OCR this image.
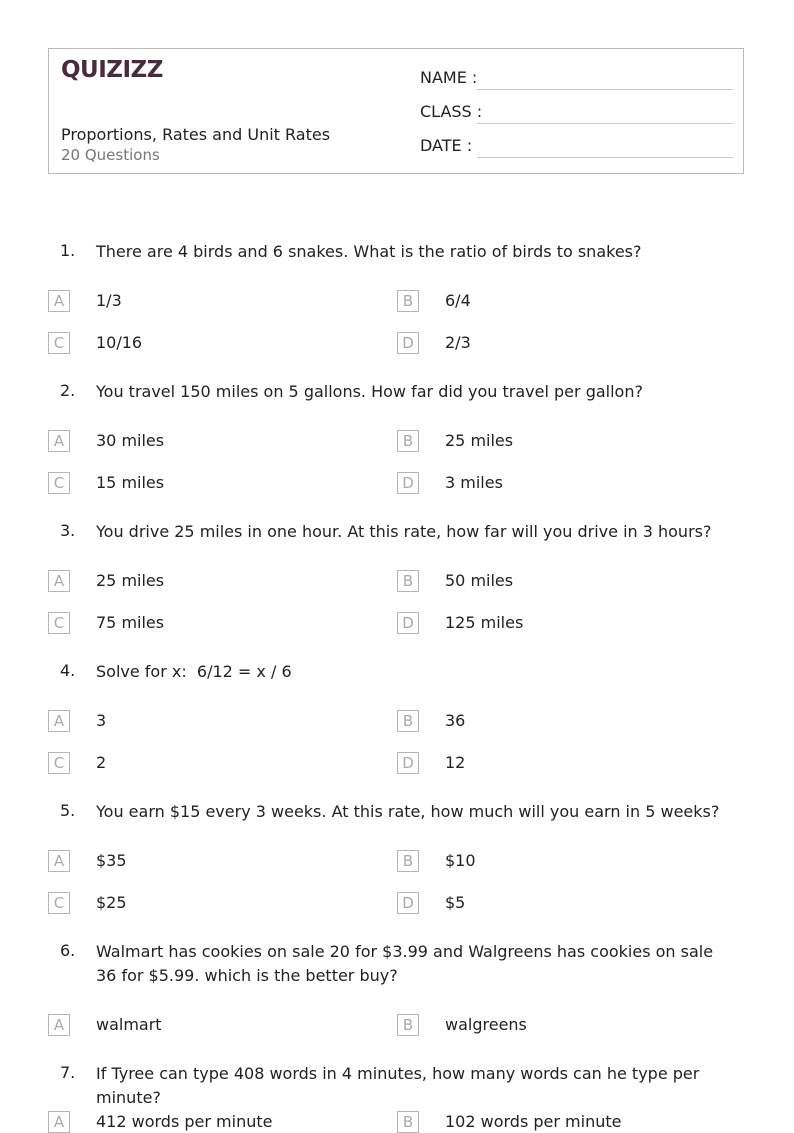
QUIZIZZ
Proportions, Rates and Unit Rates
20 Questions
NAME :
CLASS :
DATE :
1. There are 4 birds and 6 snakes. What is the ratio of birds to snakes?
A	1/3	B	6/4
C	10/16	D	2/3
2. You travel 150 miles on 5 gallons. How far did you travel per gallon?
A	30 miles	B	25 miles
C	15 miles	D	3 miles
3. You drive 25 miles in one hour. At this rate, how far will you drive in 3 hours?
A	25 miles	B	50 miles
C	75 miles	D	125 miles
4. Solve for x:  6/12 = x / 6
A	3	B	36
C	2	D	12
5. You earn $15 every 3 weeks. At this rate, how much will you earn in 5 weeks?
A	$35	B	$10
C	$25	D	$5
6. Walmart has cookies on sale 20 for $3.99 and Walgreens has cookies on sale 36 for $5.99. which is the better buy?
A	walmart	B	walgreens
7. If Tyree can type 408 words in 4 minutes, how many words can he type per minute?
A	412 words per minute	B	102 words per minute
